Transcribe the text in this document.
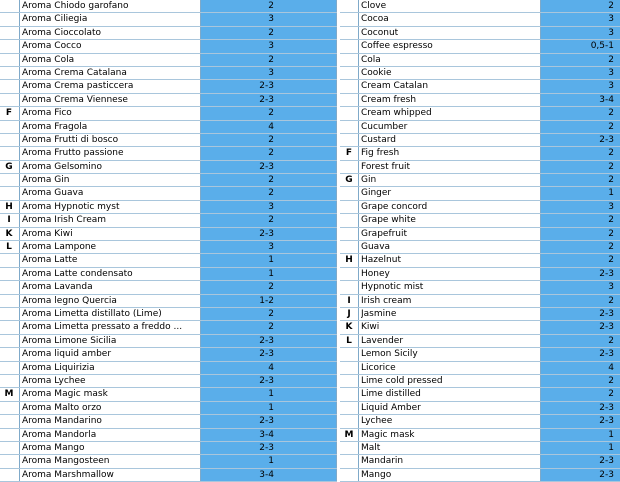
Aroma Chiodo garofano	2
Aroma Ciliegia	3
Aroma Cioccolato	2
Aroma Cocco	3
Aroma Cola	2
Aroma Crema Catalana	3
Aroma Crema pasticcera	2-3
Aroma Crema Viennese	2-3
F	Aroma Fico	2
Aroma Fragola	4
Aroma Frutti di bosco	2
Aroma Frutto passione	2
G	Aroma Gelsomino	2-3
Aroma Gin	2
Aroma Guava	2
H	Aroma Hypnotic myst	3
I	Aroma Irish Cream	2
K	Aroma Kiwi	2-3
L	Aroma Lampone	3
Aroma Latte	1
Aroma Latte condensato	1
Aroma Lavanda	2
Aroma legno Quercia	1-2
Aroma Limetta distillato (Lime)	2
Aroma Limetta pressato a freddo ...	2
Aroma Limone Sicilia	2-3
Aroma liquid amber	2-3
Aroma Liquirizia	4
Aroma Lychee	2-3
M Aroma Magic mask	1
Aroma Malto orzo	1
Aroma Mandarino	2-3
Aroma Mandorla	3-4
Aroma Mango	2-3
Aroma Mangosteen	1
Aroma Marshmallow	3-4
Clove	2
Cocoa	3
Coconut	3
Coffee espresso	0,5-1
Cola	2
Cookie	3
Cream Catalan	3
Cream fresh	3-4
Cream whipped	2
Cucumber	2
Custard	2-3
F Fig fresh	2
Forest fruit	2
G Gin	2
Ginger	1
Grape concord	3
Grape white	2
Grapefruit	2
Guava	2
H Hazelnut	2
Honey	2-3
Hypnotic mist	3
I	Irish cream	2
J	Jasmine	2-3
K Kiwi	2-3
L	Lavender	2
Lemon Sicily	2-3
Licorice	4
Lime cold pressed	2
Lime distilled	2
Liquid Amber	2-3
Lychee	2-3
M Magic mask	1
Malt	1
Mandarin	2-3
Mango	2-3
